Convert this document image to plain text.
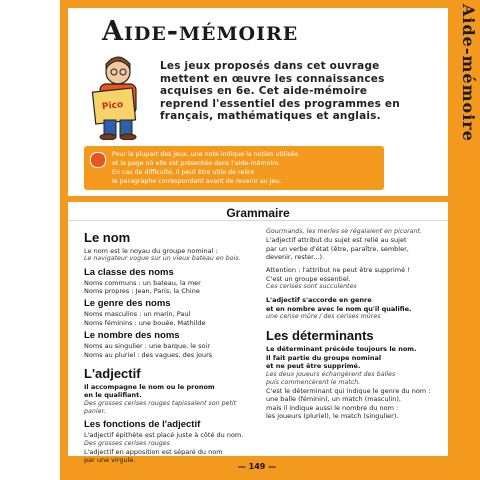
Aide-mémoire
Aide-mémoire
Pico
Les jeux proposés dans cet ouvrage mettent en œuvre les connaissances acquises en 6e. Cet aide-mémoire reprend l'essentiel des programmes en français, mathématiques et anglais.
Pour la plupart des jeux, une note indique la notion utilisée
et la page où elle est présentée dans l'aide-mémoire.
En cas de difficulté, il peut être utile de relire
le paragraphe correspondant avant de revenir au jeu.
Grammaire
Le nom
Le nom est le noyau du groupe nominal :
Le navigateur vogue sur un vieux bateau en bois.
La classe des noms
Noms communs : un bateau, la mer
Noms propres : Jean, Paris, la Chine
Le genre des noms
Noms masculins : un marin, Paul
Noms féminins : une bouée, Mathilde
Le nombre des noms
Noms au singulier : une barque, le soir
Noms au pluriel : des vagues, des jours
L'adjectif
Il accompagne le nom ou le pronom
en le qualifiant.
Des grosses cerises rouges tapissaient son petit panier.
Les fonctions de l'adjectif
L'adjectif épithète est placé juste à côté du nom.
Des grosses cerises rouges
L'adjectif en apposition est séparé du nom
par une virgule.
Gourmands, les merles se régalaient en picorant.
L'adjectif attribut du sujet est relié au sujet
par un verbe d'état (être, paraître, sembler,
devenir, rester...).
Attention : l'attribut ne peut être supprimé !
C'est un groupe essentiel.
Ces cerises sont succulentes
L'adjectif s'accorde en genre
et en nombre avec le nom qu'il qualifie.
une cerise mûre / des cerises mûres
Les déterminants
Le déterminant précède toujours le nom.
Il fait partie du groupe nominal
et ne peut être supprimé.
Les deux joueurs échangèrent des balles
puis commencèrent le match.
C'est le déterminant qui indique le genre du nom :
une balle (féminin), un match (masculin),
mais il indique aussi le nombre du nom :
les joueurs (pluriel), le match (singulier).
— 149 —
